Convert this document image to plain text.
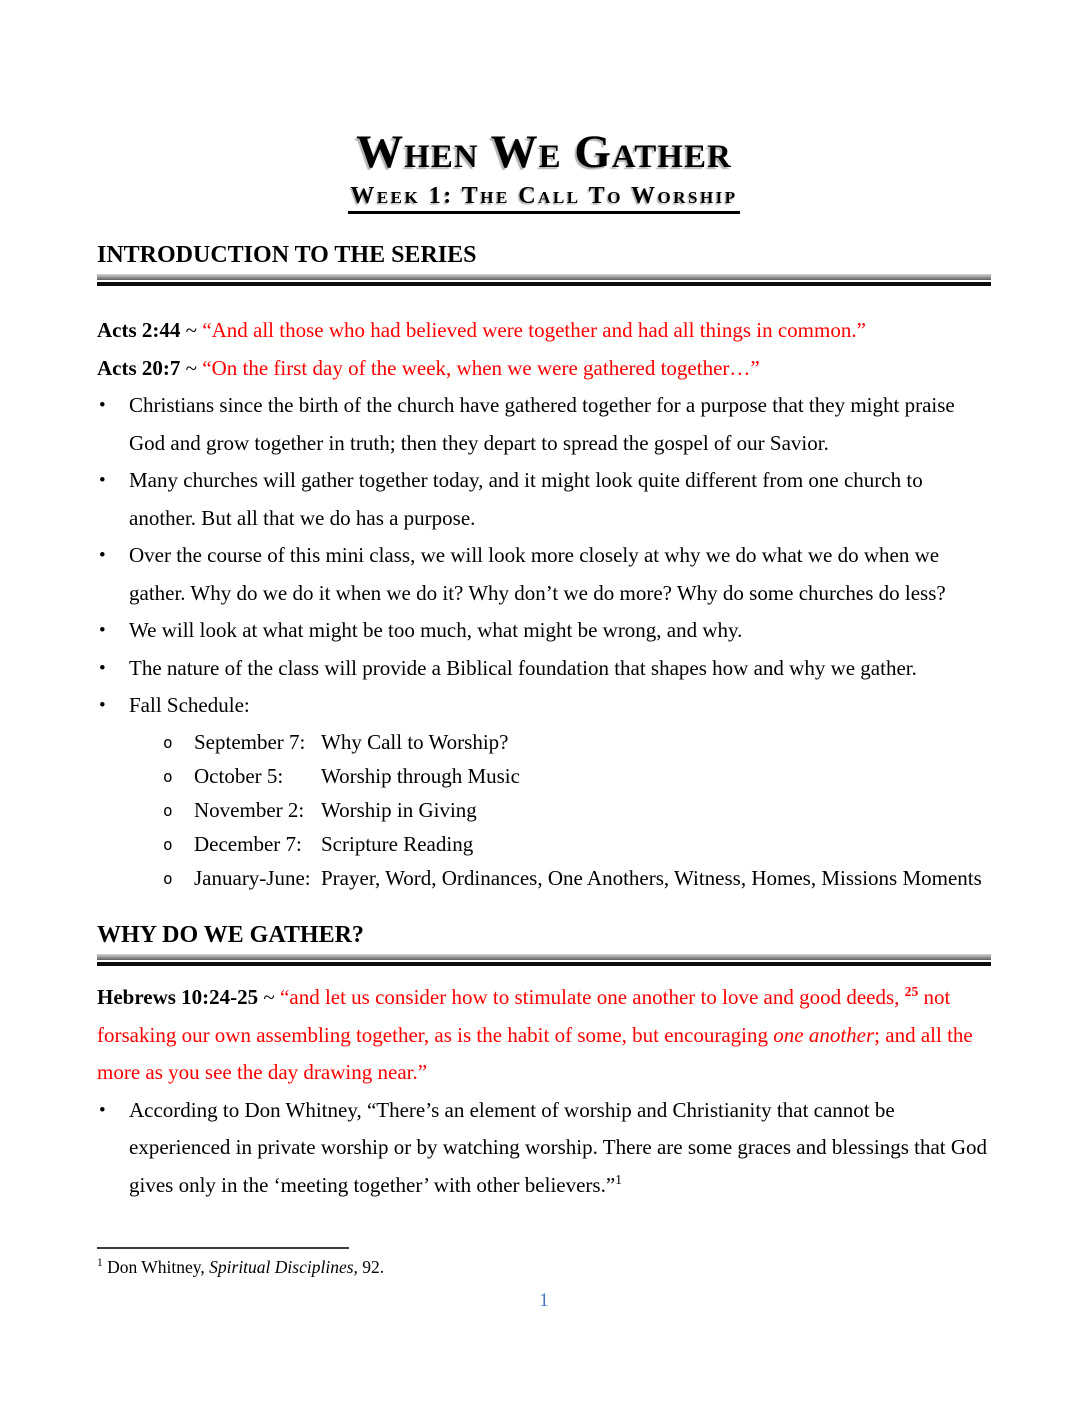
When We Gather
Week 1: The Call To Worship
INTRODUCTION TO THE SERIES

Acts 2:44 ~ “And all those who had believed were together and had all things in common.”

Acts 20:7 ~ “On the first day of the week, when we were gathered together…”

• Christians since the birth of the church have gathered together for a purpose that they might praise God and grow together in truth; then they depart to spread the gospel of our Savior.
• Many churches will gather together today, and it might look quite different from one church to another. But all that we do has a purpose.
• Over the course of this mini class, we will look more closely at why we do what we do when we gather. Why do we do it when we do it? Why don’t we do more? Why do some churches do less?
• We will look at what might be too much, what might be wrong, and why.
• The nature of the class will provide a Biblical foundation that shapes how and why we gather.
• Fall Schedule:
o September 7: Why Call to Worship?
o October 5: Worship through Music
o November 2: Worship in Giving
o December 7: Scripture Reading
o January-June: Prayer, Word, Ordinances, One Anothers, Witness, Homes, Missions Moments
WHY DO WE GATHER?

Hebrews 10:24-25 ~ “and let us consider how to stimulate one another to love and good deeds, $^{25}$ not forsaking our own assembling together, as is the habit of some, but encouraging one another; and all the more as you see the day drawing near.”

• According to Don Whitney, “There’s an element of worship and Christianity that cannot be experienced in private worship or by watching worship. There are some graces and blessings that God gives only in the ‘meeting together’ with other believers.”$^1$

$^1$ Don Whitney, Spiritual Disciplines, 92.

1
